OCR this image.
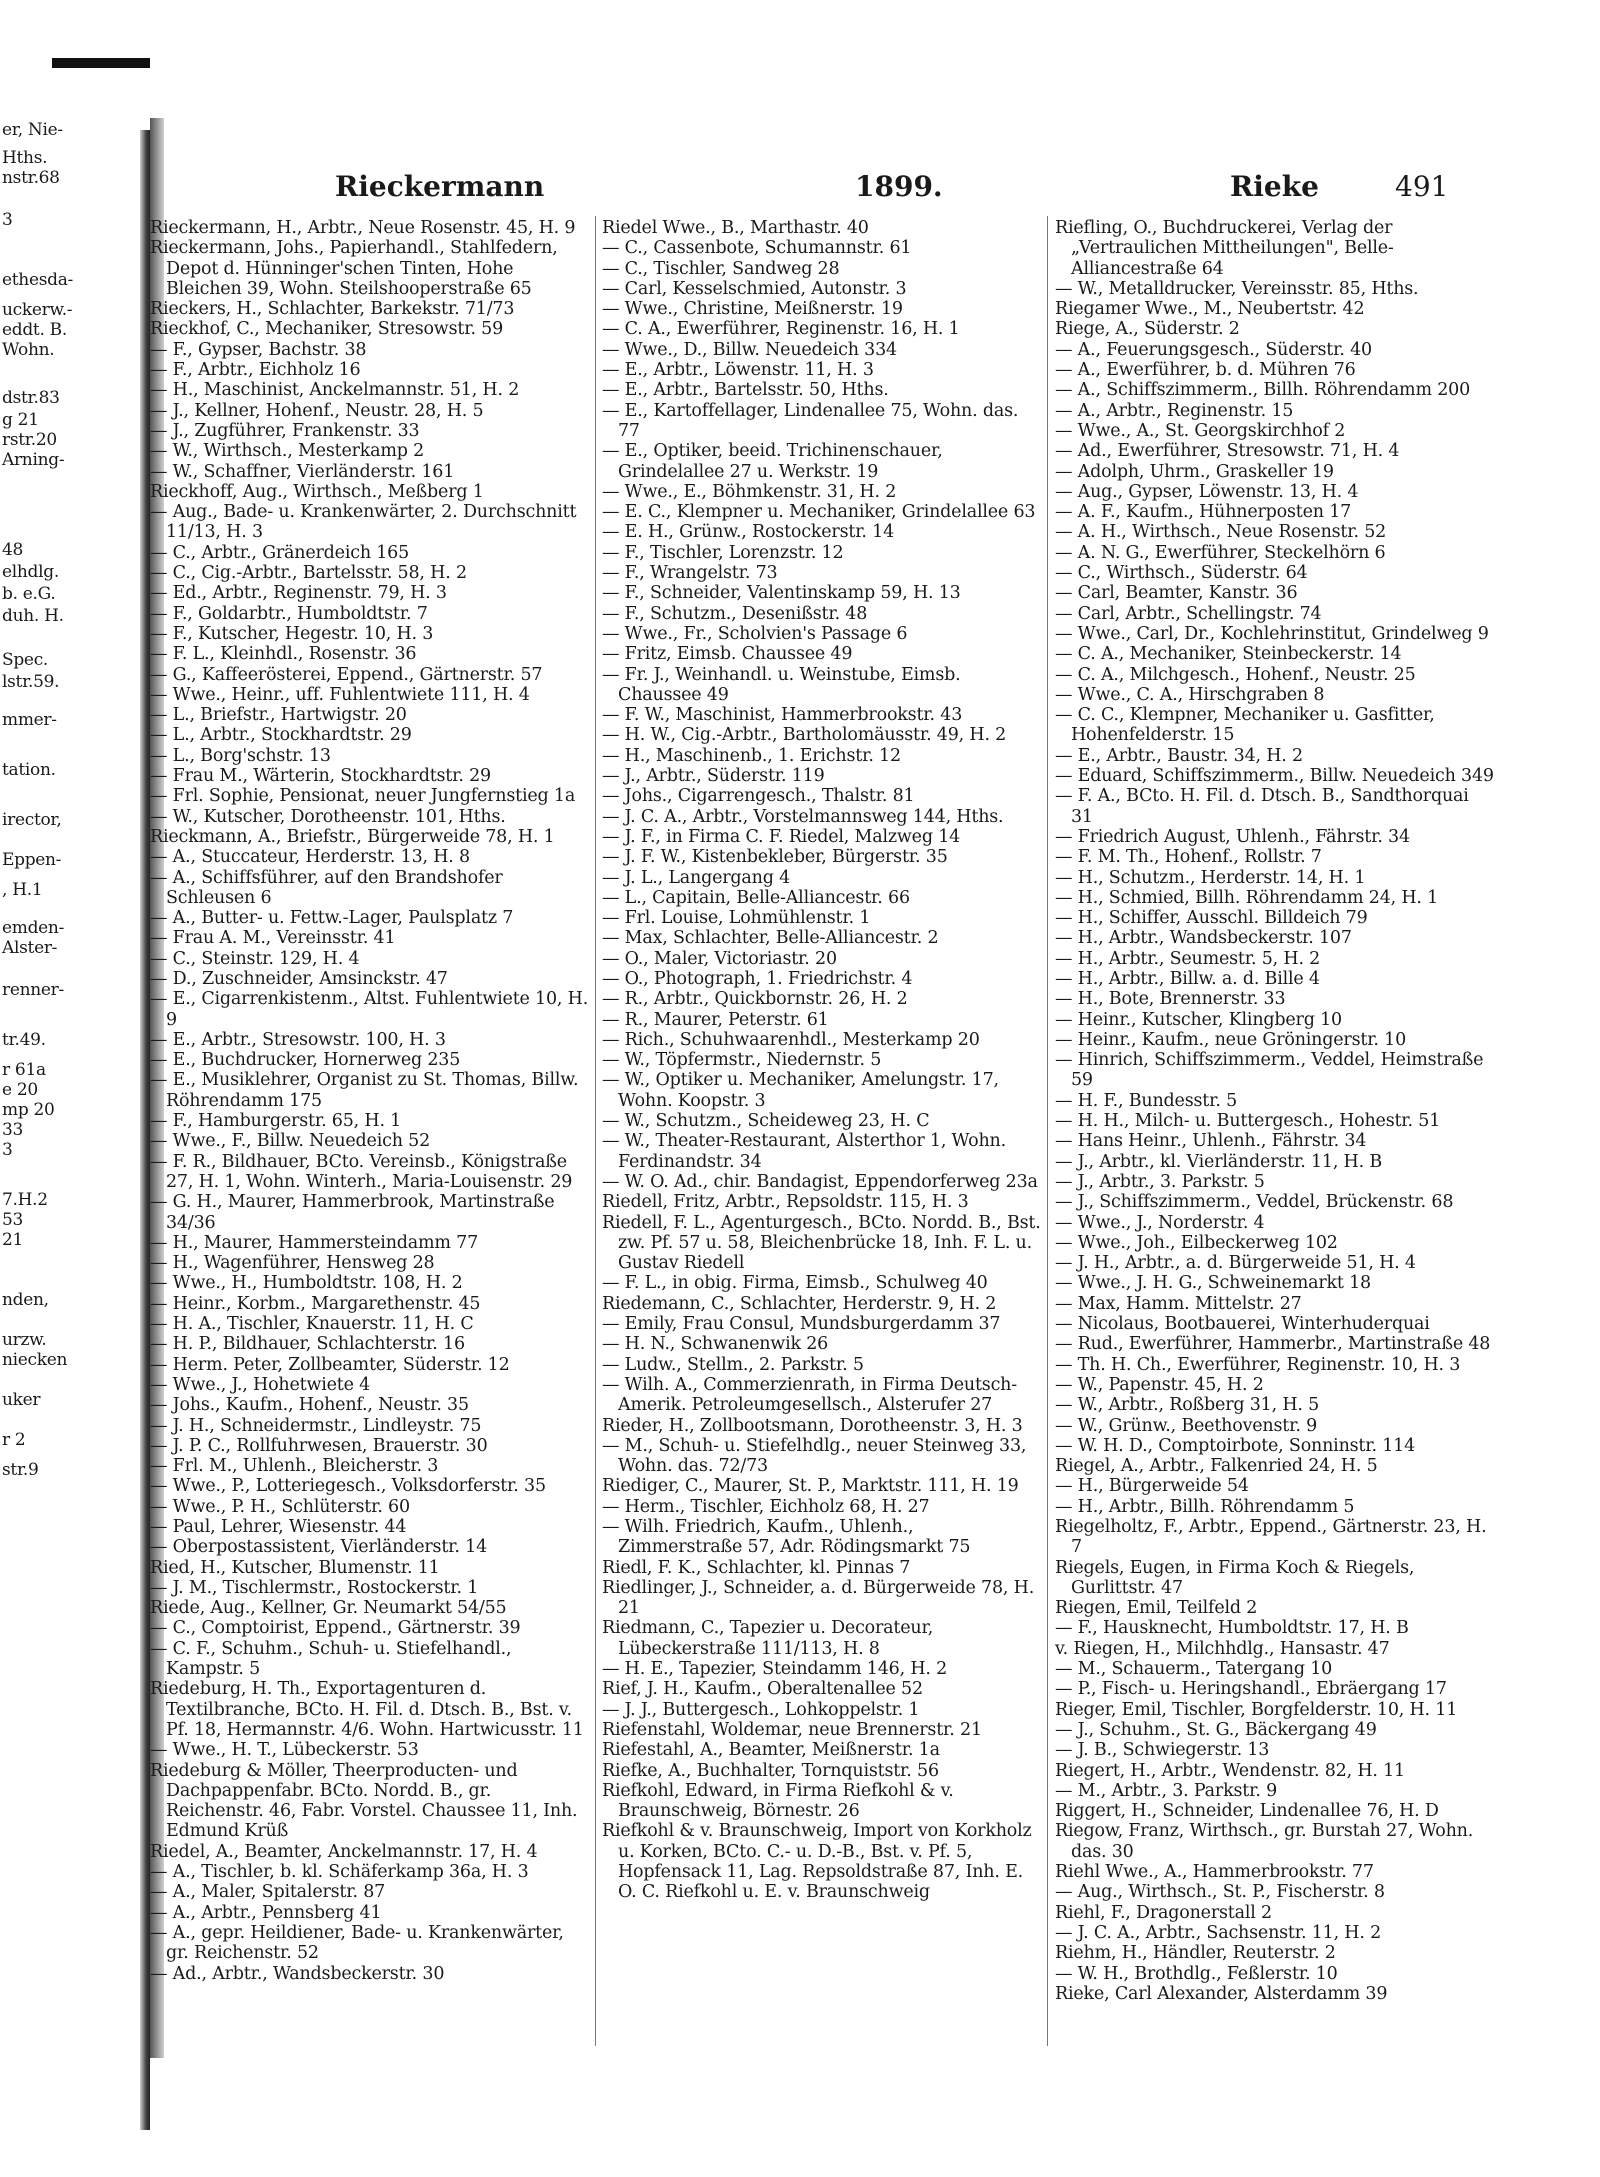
er, Nie-
Hths.
nstr.68
3
ethesda-
uckerw.-
eddt. B.
Wohn.
dstr.83
g 21
rstr.20
Arning-
48
elhdlg.
b. e.G.
duh. H.
Spec.
lstr.59.
mmer-
tation.
irector,
Eppen-
, H.1
emden-
Alster-
renner-
tr.49.
r 61a
e 20
mp 20
33
3
7.H.2
53
21
nden,
urzw.
niecken
uker
r 2
str.9
Rieckermann	1899.	Rieke	491
Rieckermann, H., Arbtr., Neue Rosenstr. 45, H. 9
Rieckermann, Johs., Papierhandl., Stahlfedern, Depot d. Hünninger'schen Tinten, Hohe Bleichen 39, Wohn. Steilshooperstraße 65
Rieckers, H., Schlachter, Barkekstr. 71/73
Rieckhof, C., Mechaniker, Stresowstr. 59
— F., Gypser, Bachstr. 38
— F., Arbtr., Eichholz 16
— H., Maschinist, Anckelmannstr. 51, H. 2
— J., Kellner, Hohenf., Neustr. 28, H. 5
— J., Zugführer, Frankenstr. 33
— W., Wirthsch., Mesterkamp 2
— W., Schaffner, Vierländerstr. 161
Rieckhoff, Aug., Wirthsch., Meßberg 1
— Aug., Bade- u. Krankenwärter, 2. Durchschnitt 11/13, H. 3
— C., Arbtr., Gränerdeich 165
— C., Cig.-Arbtr., Bartelsstr. 58, H. 2
— Ed., Arbtr., Reginenstr. 79, H. 3
— F., Goldarbtr., Humboldtstr. 7
— F., Kutscher, Hegestr. 10, H. 3
— F. L., Kleinhdl., Rosenstr. 36
— G., Kaffeerösterei, Eppend., Gärtnerstr. 57
— Wwe., Heinr., uff. Fuhlentwiete 111, H. 4
— L., Briefstr., Hartwigstr. 20
— L., Arbtr., Stockhardtstr. 29
— L., Borg'schstr. 13
— Frau M., Wärterin, Stockhardtstr. 29
— Frl. Sophie, Pensionat, neuer Jungfernstieg 1a
— W., Kutscher, Dorotheenstr. 101, Hths.
Rieckmann, A., Briefstr., Bürgerweide 78, H. 1
— A., Stuccateur, Herderstr. 13, H. 8
— A., Schiffsführer, auf den Brandshofer Schleusen 6
— A., Butter- u. Fettw.-Lager, Paulsplatz 7
— Frau A. M., Vereinsstr. 41
— C., Steinstr. 129, H. 4
— D., Zuschneider, Amsinckstr. 47
— E., Cigarrenkistenm., Altst. Fuhlentwiete 10, H. 9
— E., Arbtr., Stresowstr. 100, H. 3
— E., Buchdrucker, Hornerweg 235
— E., Musiklehrer, Organist zu St. Thomas, Billw. Röhrendamm 175
— F., Hamburgerstr. 65, H. 1
— Wwe., F., Billw. Neuedeich 52
— F. R., Bildhauer, BCto. Vereinsb., Königstraße 27, H. 1, Wohn. Winterh., Maria-Louisenstr. 29
— G. H., Maurer, Hammerbrook, Martinstraße 34/36
— H., Maurer, Hammersteindamm 77
— H., Wagenführer, Hensweg 28
— Wwe., H., Humboldtstr. 108, H. 2
— Heinr., Korbm., Margarethenstr. 45
— H. A., Tischler, Knauerstr. 11, H. C
— H. P., Bildhauer, Schlachterstr. 16
— Herm. Peter, Zollbeamter, Süderstr. 12
— Wwe., J., Hohetwiete 4
— Johs., Kaufm., Hohenf., Neustr. 35
— J. H., Schneidermstr., Lindleystr. 75
— J. P. C., Rollfuhrwesen, Brauerstr. 30
— Frl. M., Uhlenh., Bleicherstr. 3
— Wwe., P., Lotteriegesch., Volksdorferstr. 35
— Wwe., P. H., Schlüterstr. 60
— Paul, Lehrer, Wiesenstr. 44
— Oberpostassistent, Vierländerstr. 14
Ried, H., Kutscher, Blumenstr. 11
— J. M., Tischlermstr., Rostockerstr. 1
Riede, Aug., Kellner, Gr. Neumarkt 54/55
— C., Comptoirist, Eppend., Gärtnerstr. 39
— C. F., Schuhm., Schuh- u. Stiefelhandl., Kampstr. 5
Riedeburg, H. Th., Exportagenturen d. Textilbranche, BCto. H. Fil. d. Dtsch. B., Bst. v. Pf. 18, Hermannstr. 4/6. Wohn. Hartwicusstr. 11
— Wwe., H. T., Lübeckerstr. 53
Riedeburg & Möller, Theerproducten- und Dachpappenfabr. BCto. Nordd. B., gr. Reichenstr. 46, Fabr. Vorstel. Chaussee 11, Inh. Edmund Krüß
Riedel, A., Beamter, Anckelmannstr. 17, H. 4
— A., Tischler, b. kl. Schäferkamp 36a, H. 3
— A., Maler, Spitalerstr. 87
— A., Arbtr., Pennsberg 41
— A., gepr. Heildiener, Bade- u. Krankenwärter, gr. Reichenstr. 52
— Ad., Arbtr., Wandsbeckerstr. 30
Riedel Wwe., B., Marthastr. 40
— C., Cassenbote, Schumannstr. 61
— C., Tischler, Sandweg 28
— Carl, Kesselschmied, Autonstr. 3
— Wwe., Christine, Meißnerstr. 19
— C. A., Ewerführer, Reginenstr. 16, H. 1
— Wwe., D., Billw. Neuedeich 334
— E., Arbtr., Löwenstr. 11, H. 3
— E., Arbtr., Bartelsstr. 50, Hths.
— E., Kartoffellager, Lindenallee 75, Wohn. das. 77
— E., Optiker, beeid. Trichinenschauer, Grindelallee 27 u. Werkstr. 19
— Wwe., E., Böhmkenstr. 31, H. 2
— E. C., Klempner u. Mechaniker, Grindelallee 63
— E. H., Grünw., Rostockerstr. 14
— F., Tischler, Lorenzstr. 12
— F., Wrangelstr. 73
— F., Schneider, Valentinskamp 59, H. 13
— F., Schutzm., Desenißstr. 48
— Wwe., Fr., Scholvien's Passage 6
— Fritz, Eimsb. Chaussee 49
— Fr. J., Weinhandl. u. Weinstube, Eimsb. Chaussee 49
— F. W., Maschinist, Hammerbrookstr. 43
— H. W., Cig.-Arbtr., Bartholomäusstr. 49, H. 2
— H., Maschinenb., 1. Erichstr. 12
— J., Arbtr., Süderstr. 119
— Johs., Cigarrengesch., Thalstr. 81
— J. C. A., Arbtr., Vorstelmannsweg 144, Hths.
— J. F., in Firma C. F. Riedel, Malzweg 14
— J. F. W., Kistenbekleber, Bürgerstr. 35
— J. L., Langergang 4
— L., Capitain, Belle-Alliancestr. 66
— Frl. Louise, Lohmühlenstr. 1
— Max, Schlachter, Belle-Alliancestr. 2
— O., Maler, Victoriastr. 20
— O., Photograph, 1. Friedrichstr. 4
— R., Arbtr., Quickbornstr. 26, H. 2
— R., Maurer, Peterstr. 61
— Rich., Schuhwaarenhdl., Mesterkamp 20
— W., Töpfermstr., Niedernstr. 5
— W., Optiker u. Mechaniker, Amelungstr. 17, Wohn. Koopstr. 3
— W., Schutzm., Scheideweg 23, H. C
— W., Theater-Restaurant, Alsterthor 1, Wohn. Ferdinandstr. 34
— W. O. Ad., chir. Bandagist, Eppendorferweg 23a
Riedell, Fritz, Arbtr., Repsoldstr. 115, H. 3
Riedell, F. L., Agenturgesch., BCto. Nordd. B., Bst. zw. Pf. 57 u. 58, Bleichenbrücke 18, Inh. F. L. u. Gustav Riedell
— F. L., in obig. Firma, Eimsb., Schulweg 40
Riedemann, C., Schlachter, Herderstr. 9, H. 2
— Emily, Frau Consul, Mundsburgerdamm 37
— H. N., Schwanenwik 26
— Ludw., Stellm., 2. Parkstr. 5
— Wilh. A., Commerzienrath, in Firma Deutsch-Amerik. Petroleumgesellsch., Alsterufer 27
Rieder, H., Zollbootsmann, Dorotheenstr. 3, H. 3
— M., Schuh- u. Stiefelhdlg., neuer Steinweg 33, Wohn. das. 72/73
Riediger, C., Maurer, St. P., Marktstr. 111, H. 19
— Herm., Tischler, Eichholz 68, H. 27
— Wilh. Friedrich, Kaufm., Uhlenh., Zimmerstraße 57, Adr. Rödingsmarkt 75
Riedl, F. K., Schlachter, kl. Pinnas 7
Riedlinger, J., Schneider, a. d. Bürgerweide 78, H. 21
Riedmann, C., Tapezier u. Decorateur, Lübeckerstraße 111/113, H. 8
— H. E., Tapezier, Steindamm 146, H. 2
Rief, J. H., Kaufm., Oberaltenallee 52
— J. J., Buttergesch., Lohkoppelstr. 1
Riefenstahl, Woldemar, neue Brennerstr. 21
Riefestahl, A., Beamter, Meißnerstr. 1a
Riefke, A., Buchhalter, Tornquiststr. 56
Riefkohl, Edward, in Firma Riefkohl & v. Braunschweig, Börnestr. 26
Riefkohl & v. Braunschweig, Import von Korkholz u. Korken, BCto. C.- u. D.-B., Bst. v. Pf. 5, Hopfensack 11, Lag. Repsoldstraße 87, Inh. E. O. C. Riefkohl u. E. v. Braunschweig
Riefling, O., Buchdruckerei, Verlag der „Vertraulichen Mittheilungen", Belle-Alliancestraße 64
— W., Metalldrucker, Vereinsstr. 85, Hths.
Riegamer Wwe., M., Neubertstr. 42
Riege, A., Süderstr. 2
— A., Feuerungsgesch., Süderstr. 40
— A., Ewerführer, b. d. Mühren 76
— A., Schiffszimmerm., Billh. Röhrendamm 200
— A., Arbtr., Reginenstr. 15
— Wwe., A., St. Georgskirchhof 2
— Ad., Ewerführer, Stresowstr. 71, H. 4
— Adolph, Uhrm., Graskeller 19
— Aug., Gypser, Löwenstr. 13, H. 4
— A. F., Kaufm., Hühnerposten 17
— A. H., Wirthsch., Neue Rosenstr. 52
— A. N. G., Ewerführer, Steckelhörn 6
— C., Wirthsch., Süderstr. 64
— Carl, Beamter, Kanstr. 36
— Carl, Arbtr., Schellingstr. 74
— Wwe., Carl, Dr., Kochlehrinstitut, Grindelweg 9
— C. A., Mechaniker, Steinbeckerstr. 14
— C. A., Milchgesch., Hohenf., Neustr. 25
— Wwe., C. A., Hirschgraben 8
— C. C., Klempner, Mechaniker u. Gasfitter, Hohenfelderstr. 15
— E., Arbtr., Baustr. 34, H. 2
— Eduard, Schiffszimmerm., Billw. Neuedeich 349
— F. A., BCto. H. Fil. d. Dtsch. B., Sandthorquai 31
— Friedrich August, Uhlenh., Fährstr. 34
— F. M. Th., Hohenf., Rollstr. 7
— H., Schutzm., Herderstr. 14, H. 1
— H., Schmied, Billh. Röhrendamm 24, H. 1
— H., Schiffer, Ausschl. Billdeich 79
— H., Arbtr., Wandsbeckerstr. 107
— H., Arbtr., Seumestr. 5, H. 2
— H., Arbtr., Billw. a. d. Bille 4
— H., Bote, Brennerstr. 33
— Heinr., Kutscher, Klingberg 10
— Heinr., Kaufm., neue Gröningerstr. 10
— Hinrich, Schiffszimmerm., Veddel, Heimstraße 59
— H. F., Bundesstr. 5
— H. H., Milch- u. Buttergesch., Hohestr. 51
— Hans Heinr., Uhlenh., Fährstr. 34
— J., Arbtr., kl. Vierländerstr. 11, H. B
— J., Arbtr., 3. Parkstr. 5
— J., Schiffszimmerm., Veddel, Brückenstr. 68
— Wwe., J., Norderstr. 4
— Wwe., Joh., Eilbeckerweg 102
— J. H., Arbtr., a. d. Bürgerweide 51, H. 4
— Wwe., J. H. G., Schweinemarkt 18
— Max, Hamm. Mittelstr. 27
— Nicolaus, Bootbauerei, Winterhuderquai
— Rud., Ewerführer, Hammerbr., Martinstraße 48
— Th. H. Ch., Ewerführer, Reginenstr. 10, H. 3
— W., Papenstr. 45, H. 2
— W., Arbtr., Roßberg 31, H. 5
— W., Grünw., Beethovenstr. 9
— W. H. D., Comptoirbote, Sonninstr. 114
Riegel, A., Arbtr., Falkenried 24, H. 5
— H., Bürgerweide 54
— H., Arbtr., Billh. Röhrendamm 5
Riegelholtz, F., Arbtr., Eppend., Gärtnerstr. 23, H. 7
Riegels, Eugen, in Firma Koch & Riegels, Gurlittstr. 47
Riegen, Emil, Teilfeld 2
— F., Hausknecht, Humboldtstr. 17, H. B
v. Riegen, H., Milchhdlg., Hansastr. 47
— M., Schauerm., Tatergang 10
— P., Fisch- u. Heringshandl., Ebräergang 17
Rieger, Emil, Tischler, Borgfelderstr. 10, H. 11
— J., Schuhm., St. G., Bäckergang 49
— J. B., Schwiegerstr. 13
Riegert, H., Arbtr., Wendenstr. 82, H. 11
— M., Arbtr., 3. Parkstr. 9
Riggert, H., Schneider, Lindenallee 76, H. D
Riegow, Franz, Wirthsch., gr. Burstah 27, Wohn. das. 30
Riehl Wwe., A., Hammerbrookstr. 77
— Aug., Wirthsch., St. P., Fischerstr. 8
Riehl, F., Dragonerstall 2
— J. C. A., Arbtr., Sachsenstr. 11, H. 2
Riehm, H., Händler, Reuterstr. 2
— W. H., Brothdlg., Feßlerstr. 10
Rieke, Carl Alexander, Alsterdamm 39
